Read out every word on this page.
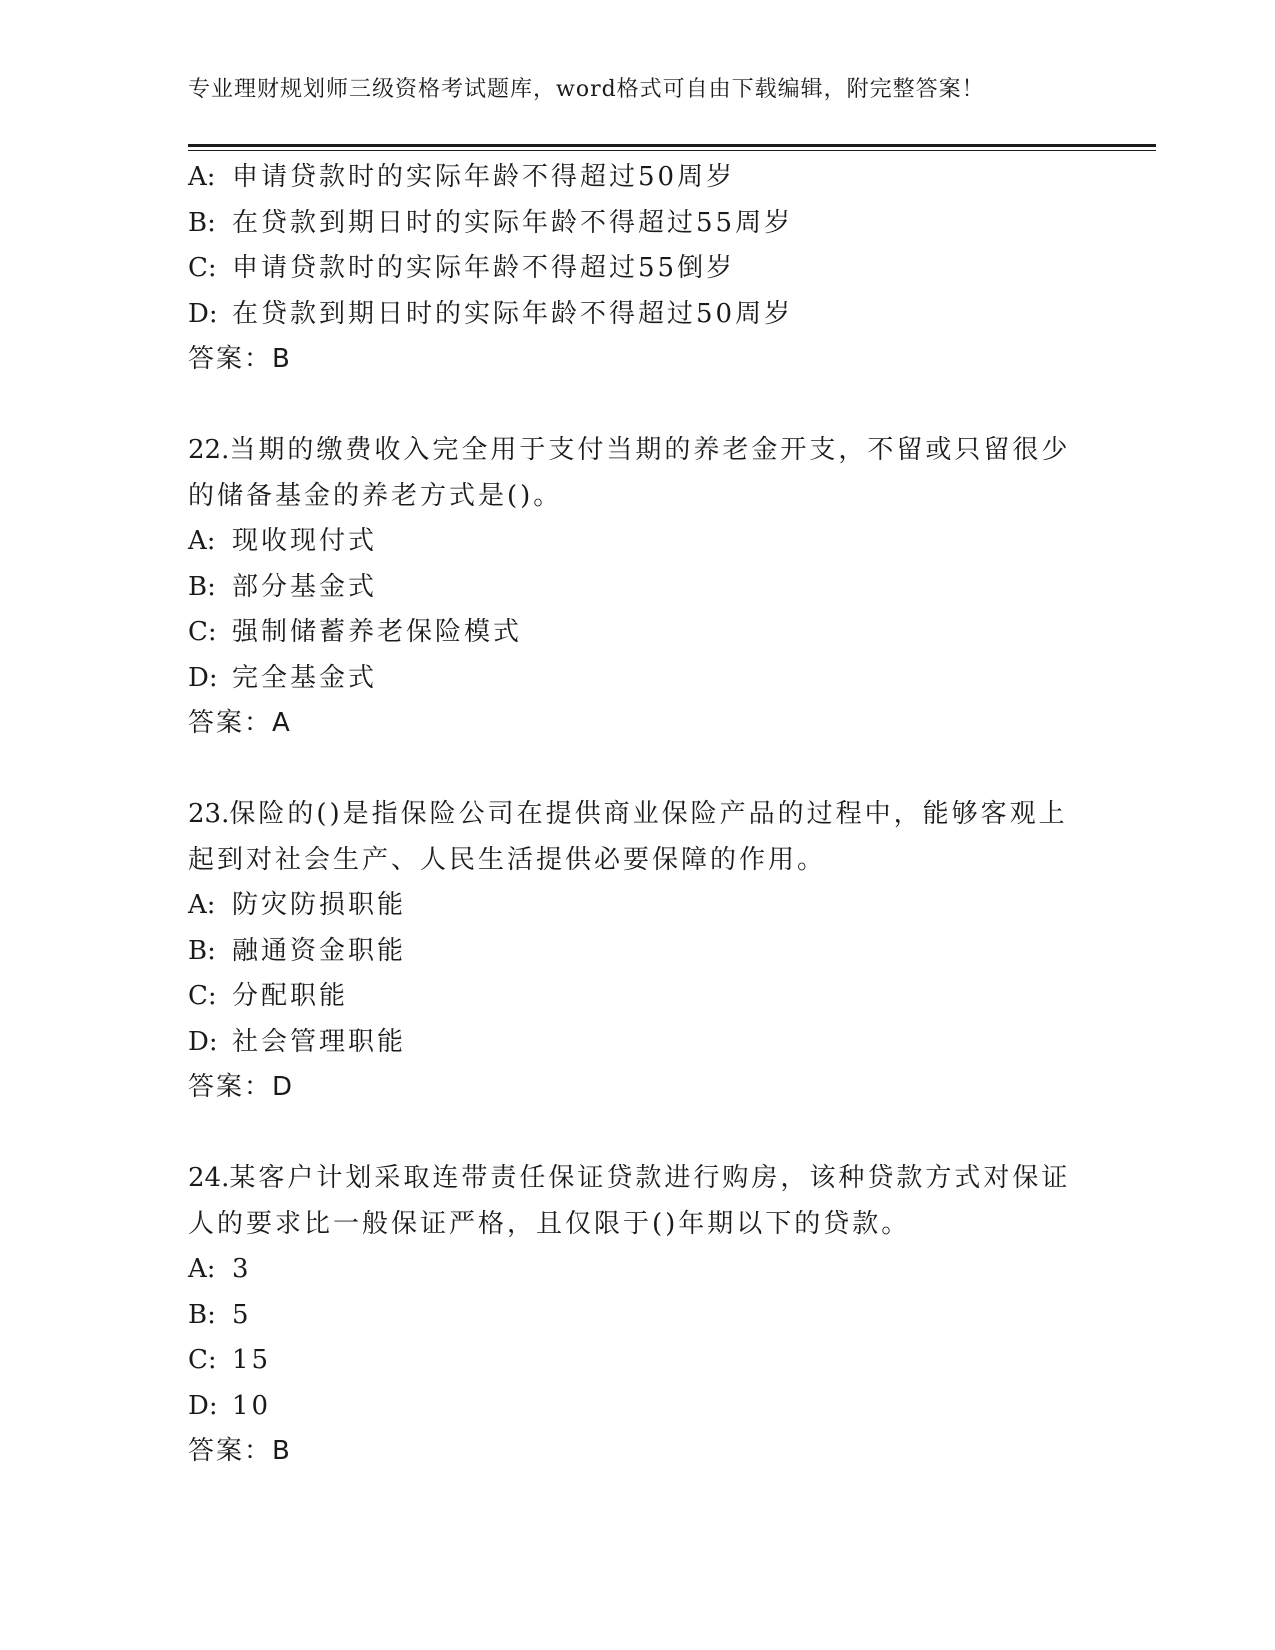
专业理财规划师三级资格考试题库，word格式可自由下载编辑，附完整答案！
A: 申请贷款时的实际年龄不得超过50周岁
B: 在贷款到期日时的实际年龄不得超过55周岁
C: 申请贷款时的实际年龄不得超过55倒岁
D: 在贷款到期日时的实际年龄不得超过50周岁
答案：B
22.当期的缴费收入完全用于支付当期的养老金开支，不留或只留很少
的储备基金的养老方式是()。
A: 现收现付式
B: 部分基金式
C: 强制储蓄养老保险模式
D: 完全基金式
答案：A
23.保险的()是指保险公司在提供商业保险产品的过程中，能够客观上
起到对社会生产、人民生活提供必要保障的作用。
A: 防灾防损职能
B: 融通资金职能
C: 分配职能
D: 社会管理职能
答案：D
24.某客户计划采取连带责任保证贷款进行购房，该种贷款方式对保证
人的要求比一般保证严格，且仅限于()年期以下的贷款。
A: 3
B: 5
C: 15
D: 10
答案：B
